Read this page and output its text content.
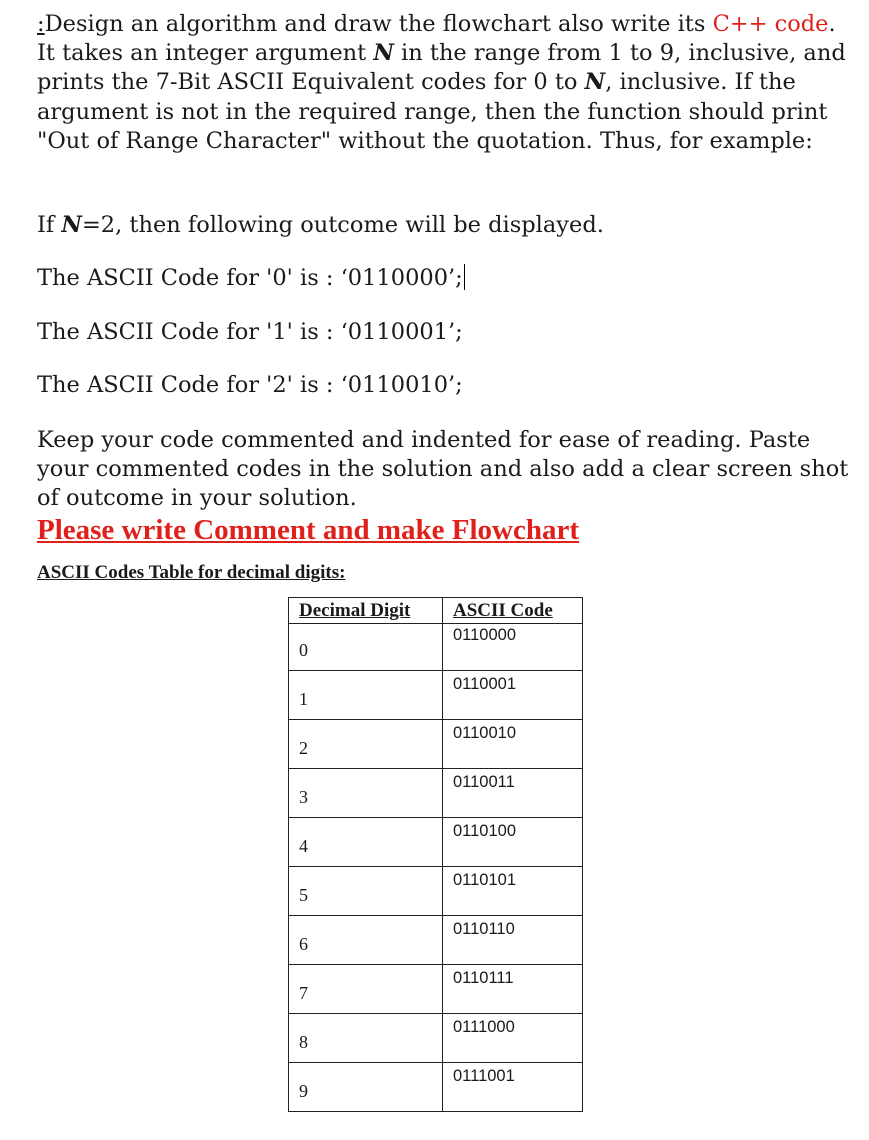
:Design an algorithm and draw the flowchart also write its C++ code. It takes an integer argument N in the range from 1 to 9, inclusive, and prints the 7-Bit ASCII Equivalent codes for 0 to N, inclusive. If the argument is not in the required range, then the function should print "Out of Range Character" without the quotation. Thus, for example:

If N=2, then following outcome will be displayed.

The ASCII Code for '0' is : ‘0110000’;

The ASCII Code for '1' is : ‘0110001’;

The ASCII Code for '2' is : ‘0110010’;

Keep your code commented and indented for ease of reading. Paste your commented codes in the solution and also add a clear screen shot of outcome in your solution.

Please write Comment and make Flowchart
ASCII Codes Table for decimal digits:
Decimal Digit	ASCII Code
0	0110000
1	0110001
2	0110010
3	0110011
4	0110100
5	0110101
6	0110110
7	0110111
8	0111000
9	0111001
